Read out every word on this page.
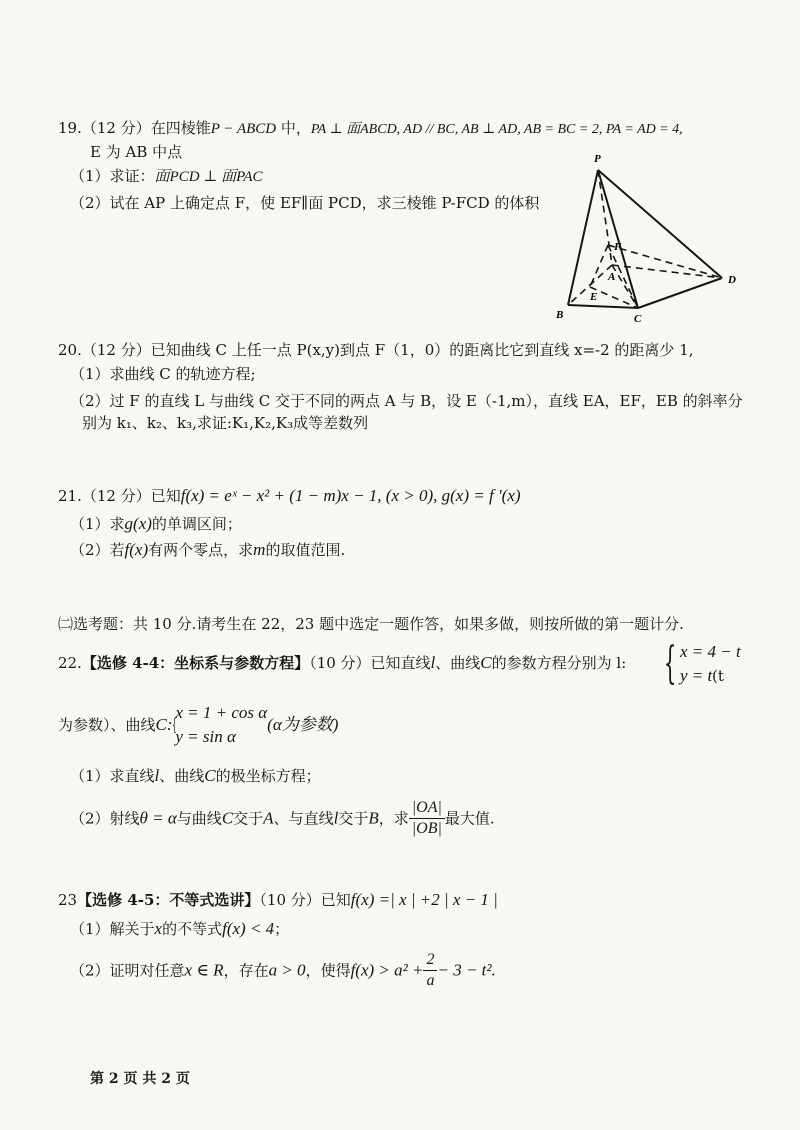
19.（12 分）在四棱锥P − ABCD 中，PA ⊥ 面ABCD, AD // BC, AB ⊥ AD, AB = BC = 2, PA = AD = 4,
E 为 AB 中点
（1）求证：面PCD ⊥ 面PAC
（2）试在 AP 上确定点 F，使 EF∥面 PCD，求三棱锥 P-FCD 的体积
P
F
A
E
B	C
D
20.（12 分）已知曲线 C 上任一点 P(x,y)到点 F（1，0）的距离比它到直线 x=-2 的距离少 1,
（1）求曲线 C 的轨迹方程;
（2）过 F 的直线 L 与曲线 C 交于不同的两点 A 与 B，设 E（-1,m），直线 EA，EF，EB 的斜率分
别为 k₁、k₂、k₃,求证:K₁,K₂,K₃成等差数列
21.（12 分）已知f(x) = eˣ − x² + (1 − m)x − 1, (x > 0), g(x) = f ′(x)
（1）求g(x)的单调区间；
（2）若f(x)有两个零点，求m的取值范围.
㈡选考题：共 10 分.请考生在 22，23 题中选定一题作答，如果多做，则按所做的第一题计分.
22.【选修 4-4：坐标系与参数方程】（10 分）已知直线l、曲线C的参数方程分别为 l: { x = 4 − t
y = t (t
为参数）、曲线C:{
x = 1 + cos α
y = sin α
(α为参数)
（1）求直线l、曲线C的极坐标方程；
（2）射线θ = α与曲线C交于A、与直线l交于B，求 $\frac{|OA|}{|OB|}$ 最大值.
23【选修 4-5：不等式选讲】（10 分）已知f(x) =| x | +2 | x − 1 |
（1）解关于x的不等式f(x) < 4；
（2）证明对任意x ∈ R，存在a > 0，使得$f(x) > a^2 + \frac{2}{a} - 3 - t^2$.
第 2 页 共 2 页
